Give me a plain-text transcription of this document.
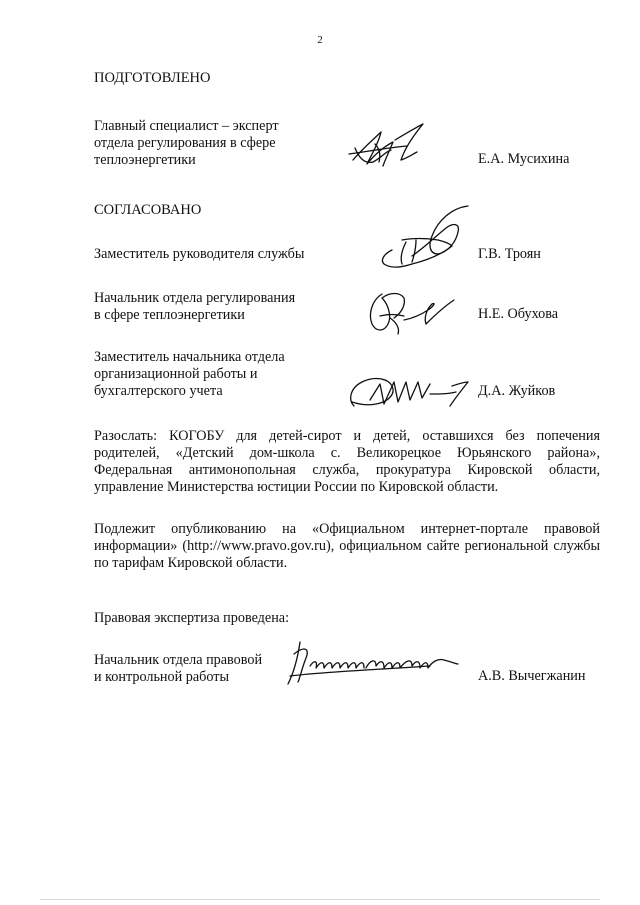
2
ПОДГОТОВЛЕНО
Главный специалист – эксперт
отдела регулирования в сфере
теплоэнергетики	Е.А. Мусихина
СОГЛАСОВАНО
Заместитель руководителя службы	Г.В. Троян
Начальник отдела регулирования
в сфере теплоэнергетики	Н.Е. Обухова
Заместитель начальника отдела
организационной работы и
бухгалтерского учета	Д.А. Жуйков
Разослать: КОГОБУ для детей-сирот и детей, оставшихся без попечения родителей, «Детский дом-школа с. Великорецкое Юрьянского района», Федеральная антимонопольная служба, прокуратура Кировской области, управление Министерства юстиции России по Кировской области.
Подлежит опубликованию на «Официальном интернет-портале правовой информации» (http://www.pravo.gov.ru), официальном сайте региональной службы по тарифам Кировской области.
Правовая экспертиза проведена:
Начальник отдела правовой
и контрольной работы	А.В. Вычегжанин
